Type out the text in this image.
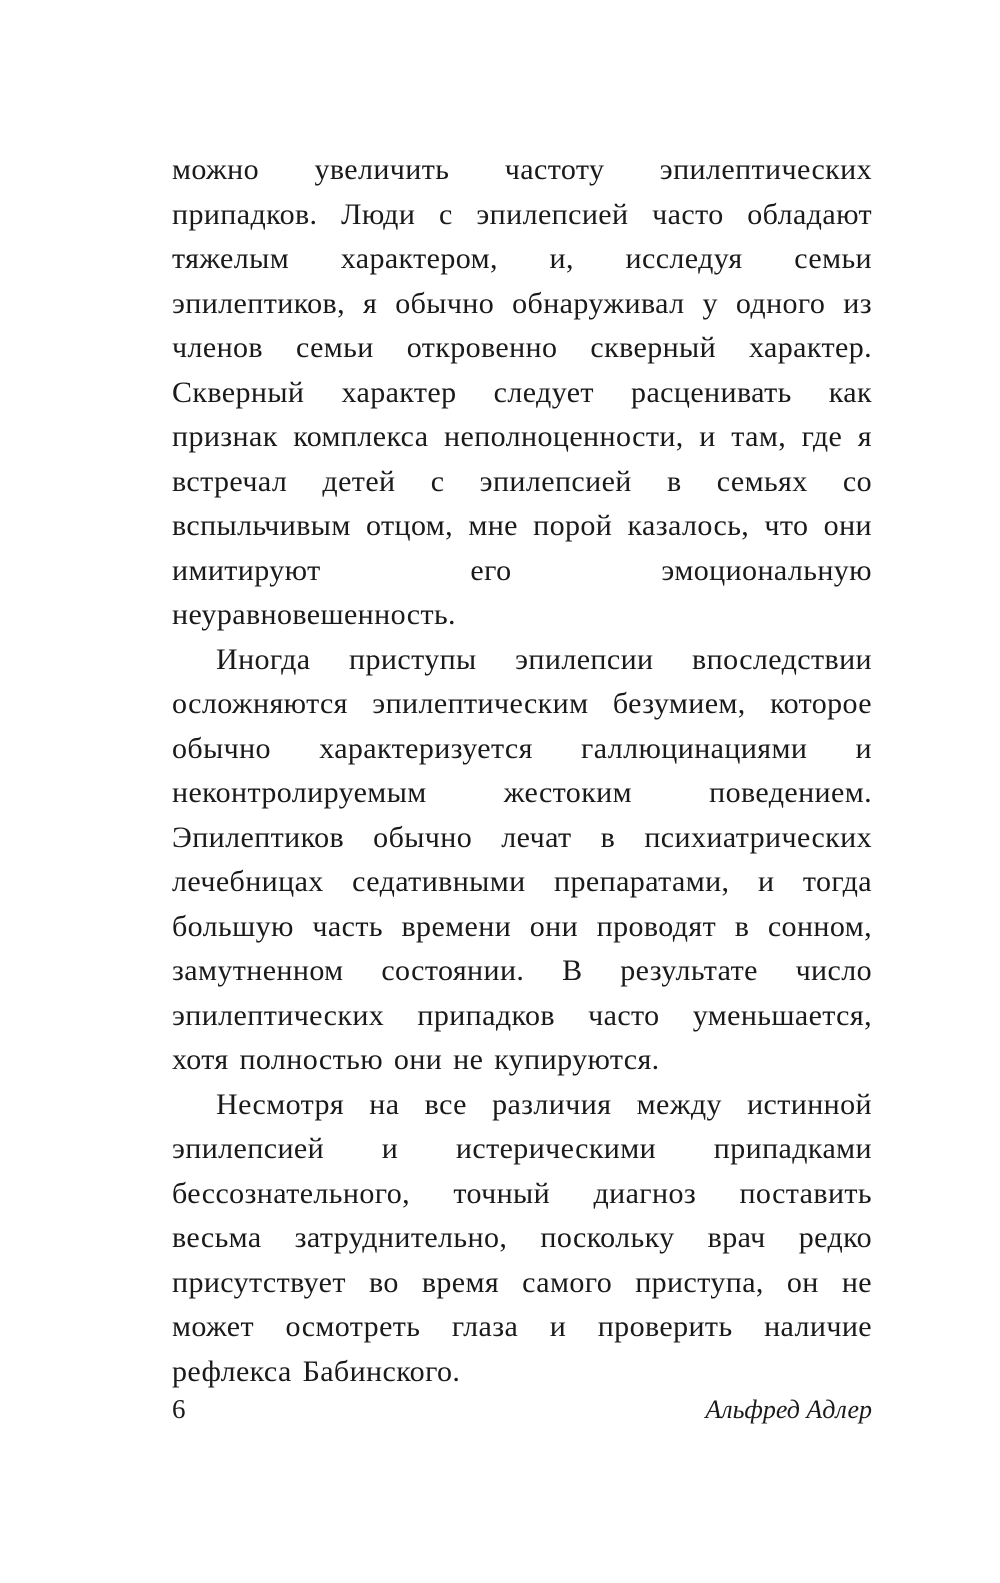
можно увеличить частоту эпилептических припадков. Люди с эпилепсией часто обладают тяжелым характером, и, исследуя семьи эпилептиков, я обычно обнаруживал у одного из членов семьи откровенно скверный характер. Скверный характер следует расценивать как признак комплекса неполноценности, и там, где я встречал детей с эпилепсией в семьях со вспыльчивым отцом, мне порой казалось, что они имитируют его эмоциональную неуравновешенность.

Иногда приступы эпилепсии впоследствии осложняются эпилептическим безумием, которое обычно характеризуется галлюцинациями и неконтролируемым жестоким поведением. Эпилептиков обычно лечат в психиатрических лечебницах седативными препаратами, и тогда большую часть времени они проводят в сонном, замутненном состоянии. В результате число эпилептических припадков часто уменьшается, хотя полностью они не купируются.

Несмотря на все различия между истинной эпилепсией и истерическими припадками бессознательного, точный диагноз поставить весьма затруднительно, поскольку врач редко присутствует во время самого приступа, он не может осмотреть глаза и проверить наличие рефлекса Бабинского.

6	Альфред Адлер
